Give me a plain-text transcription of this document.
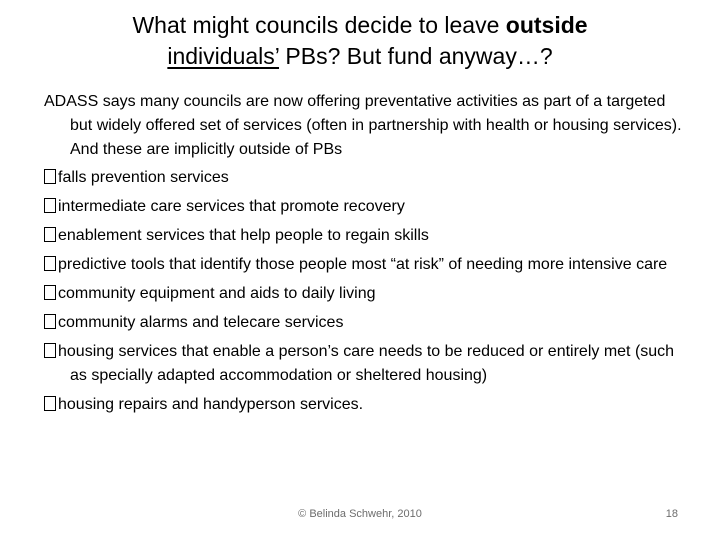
What might councils decide to leave outside
individuals’ PBs? But fund anyway…?

ADASS says many councils are now offering preventative activities as part of a targeted but widely offered set of services (often in partnership with health or housing services). And these are implicitly outside of PBs

falls prevention services

intermediate care services that promote recovery

enablement services that help people to regain skills

predictive tools that identify those people most “at risk” of needing more intensive care

community equipment and aids to daily living

community alarms and telecare services

housing services that enable a person’s care needs to be reduced or entirely met (such as specially adapted accommodation or sheltered housing)

housing repairs and handyperson services.

© Belinda Schwehr, 2010	18
